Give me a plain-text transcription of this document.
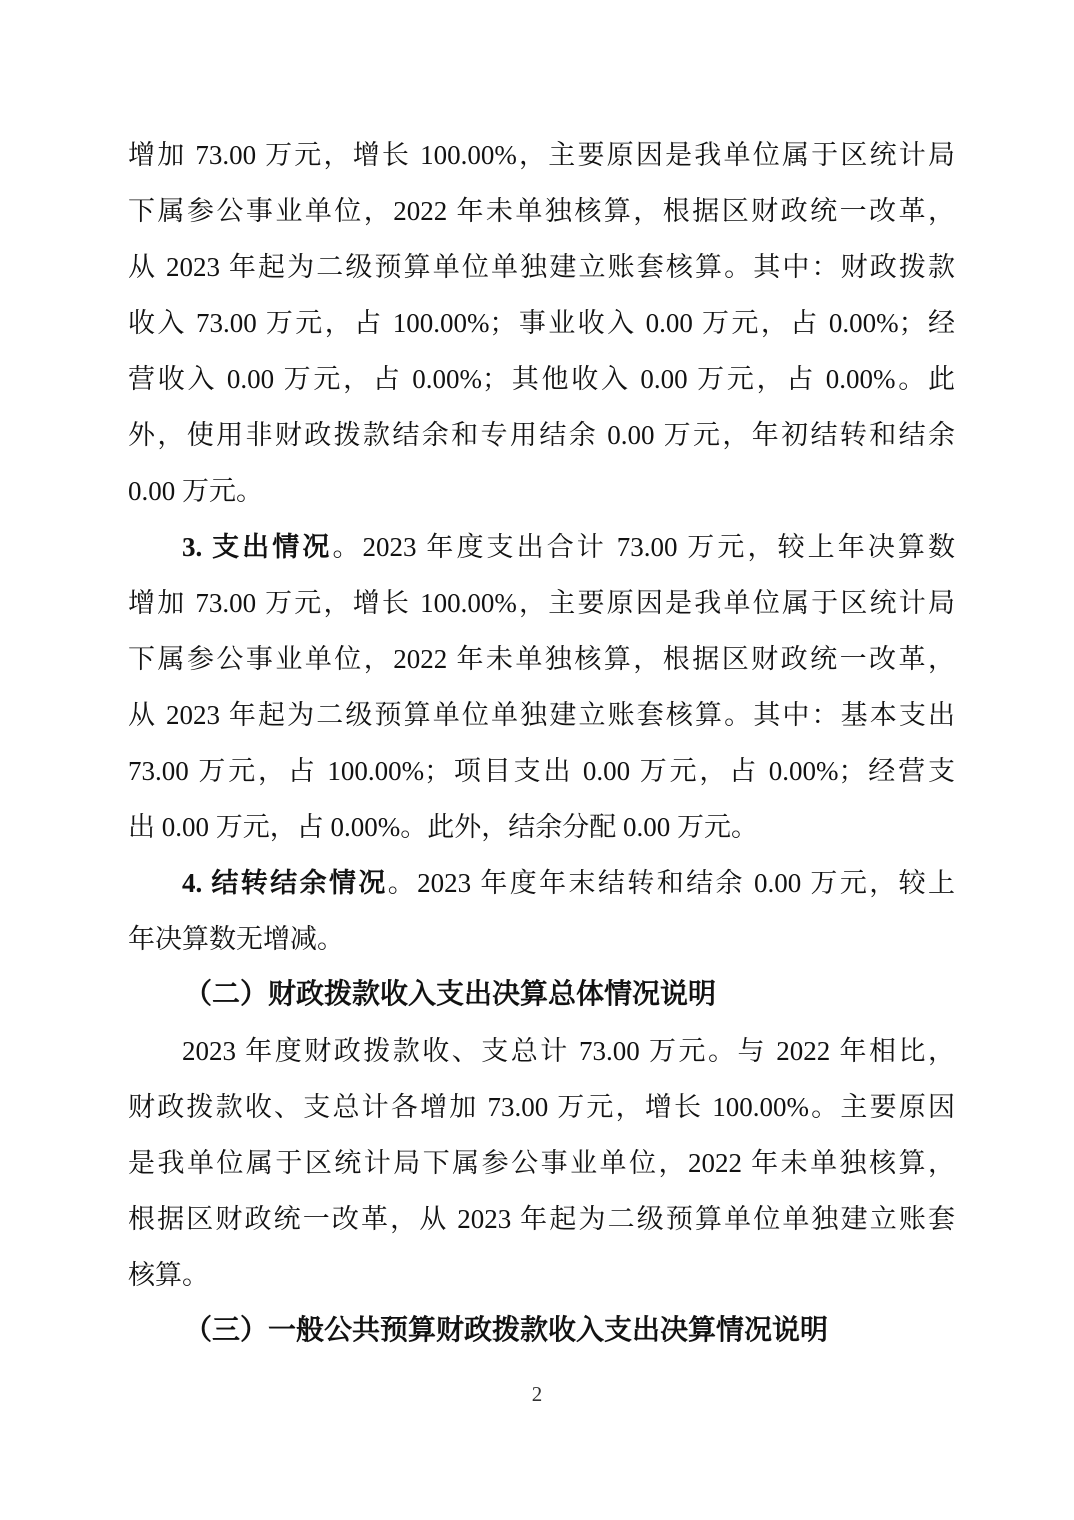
增加 73.00 万元，增长 100.00%，主要原因是我单位属于区统计局
下属参公事业单位，2022 年未单独核算，根据区财政统一改革，
从 2023 年起为二级预算单位单独建立账套核算。其中：财政拨款
收入 73.00 万元，占 100.00%；事业收入 0.00 万元，占 0.00%；经
营收入 0.00 万元，占 0.00%；其他收入 0.00 万元，占 0.00%。此
外，使用非财政拨款结余和专用结余 0.00 万元，年初结转和结余
0.00 万元。
3. 支出情况。2023 年度支出合计 73.00 万元，较上年决算数
增加 73.00 万元，增长 100.00%，主要原因是我单位属于区统计局
下属参公事业单位，2022 年未单独核算，根据区财政统一改革，
从 2023 年起为二级预算单位单独建立账套核算。其中：基本支出
73.00 万元，占 100.00%；项目支出 0.00 万元，占 0.00%；经营支
出 0.00 万元，占 0.00%。此外，结余分配 0.00 万元。
4. 结转结余情况。2023 年度年末结转和结余 0.00 万元，较上
年决算数无增减。
（二）财政拨款收入支出决算总体情况说明
2023 年度财政拨款收、支总计 73.00 万元。与 2022 年相比，
财政拨款收、支总计各增加 73.00 万元，增长 100.00%。主要原因
是我单位属于区统计局下属参公事业单位，2022 年未单独核算，
根据区财政统一改革，从 2023 年起为二级预算单位单独建立账套
核算。
（三）一般公共预算财政拨款收入支出决算情况说明
2
